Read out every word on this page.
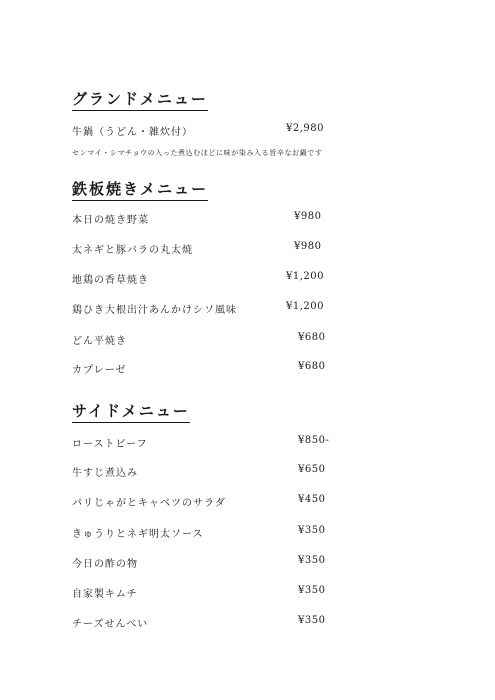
グランドメニュー
牛鍋（うどん・雑炊付）	¥2,980
センマイ・シマチョウの入った煮込むほどに味が染み入る旨辛なお鍋です
鉄板焼きメニュー
本日の焼き野菜	¥980
太ネギと豚バラの丸太焼	¥980
地鶏の香草焼き	¥1,200
鶏ひき大根出汁あんかけシソ風味	¥1,200
どん平焼き	¥680
カプレーゼ	¥680
サイドメニュー
ローストビーフ	¥850-
牛すじ煮込み	¥650
パリじゃがとキャベツのサラダ	¥450
きゅうりとネギ明太ソース	¥350
今日の酢の物	¥350
自家製キムチ	¥350
チーズせんべい	¥350
